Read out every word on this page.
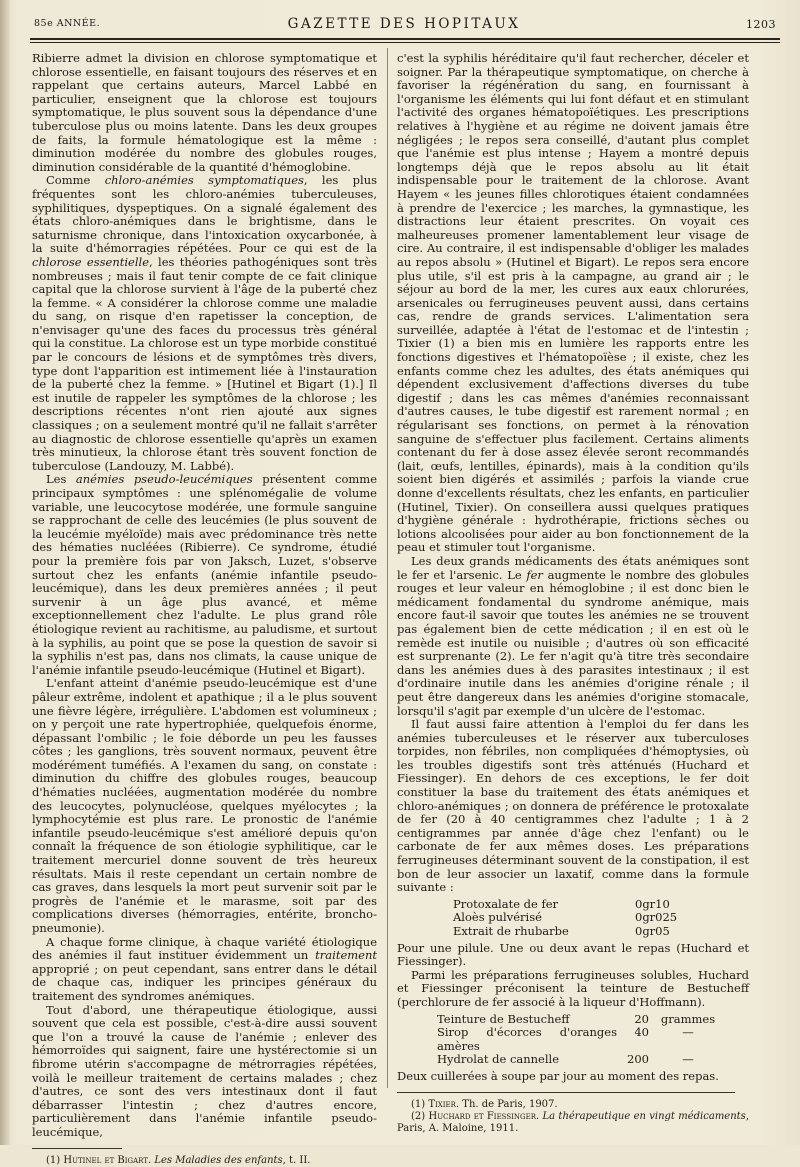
85e ANNÉE.	GAZETTE DES HOPITAUX	1203

Ribierre admet la division en chlorose symptomatique et chlorose essentielle, en faisant toujours des réserves et en rappelant que certains auteurs, Marcel Labbé en particulier, enseignent que la chlorose est toujours symptomatique, le plus souvent sous la dépendance d'une tuberculose plus ou moins latente. Dans les deux groupes de faits, la formule hématologique est la même : diminution modérée du nombre des globules rouges, diminution considérable de la quantité d'hémoglobine.

Comme chloro-anémies symptomatiques, les plus fréquentes sont les chloro-anémies tuberculeuses, syphilitiques, dyspeptiques. On a signalé également des états chloro-anémiques dans le brightisme, dans le saturnisme chronique, dans l'intoxication oxycarbonée, à la suite d'hémorragies répétées. Pour ce qui est de la chlorose essentielle, les théories pathogéniques sont très nombreuses ; mais il faut tenir compte de ce fait clinique capital que la chlorose survient à l'âge de la puberté chez la femme. « A considérer la chlorose comme une maladie du sang, on risque d'en rapetisser la conception, de n'envisager qu'une des faces du processus très général qui la constitue. La chlorose est un type morbide constitué par le concours de lésions et de symptômes très divers, type dont l'apparition est intimement liée à l'instauration de la puberté chez la femme. » [Hutinel et Bigart (1).] Il est inutile de rappeler les symptômes de la chlorose ; les descriptions récentes n'ont rien ajouté aux signes classiques ; on a seulement montré qu'il ne fallait s'arrêter au diagnostic de chlorose essentielle qu'après un examen très minutieux, la chlorose étant très souvent fonction de tuberculose (Landouzy, M. Labbé).

Les anémies pseudo-leucémiques présentent comme principaux symptômes : une splénomégalie de volume variable, une leucocytose modérée, une formule sanguine se rapprochant de celle des leucémies (le plus souvent de la leucémie myéloïde) mais avec prédominance très nette des hématies nucléées (Ribierre). Ce syndrome, étudié pour la première fois par von Jaksch, Luzet, s'observe surtout chez les enfants (anémie infantile pseudo-leucémique), dans les deux premières années ; il peut survenir à un âge plus avancé, et même exceptionnellement chez l'adulte. Le plus grand rôle étiologique revient au rachitisme, au paludisme, et surtout à la syphilis, au point que se pose la question de savoir si la syphilis n'est pas, dans nos climats, la cause unique de l'anémie infantile pseudo-leucémique (Hutinel et Bigart).

L'enfant atteint d'anémie pseudo-leucémique est d'une pâleur extrême, indolent et apathique ; il a le plus souvent une fièvre légère, irrégulière. L'abdomen est volumineux ; on y perçoit une rate hypertrophiée, quelquefois énorme, dépassant l'ombilic ; le foie déborde un peu les fausses côtes ; les ganglions, très souvent normaux, peuvent être modérément tuméfiés. A l'examen du sang, on constate : diminution du chiffre des globules rouges, beaucoup d'hématies nucléées, augmentation modérée du nombre des leucocytes, polynucléose, quelques myélocytes ; la lymphocytémie est plus rare. Le pronostic de l'anémie infantile pseudo-leucémique s'est amélioré depuis qu'on connaît la fréquence de son étiologie syphilitique, car le traitement mercuriel donne souvent de très heureux résultats. Mais il reste cependant un certain nombre de cas graves, dans lesquels la mort peut survenir soit par le progrès de l'anémie et le marasme, soit par des complications diverses (hémorragies, entérite, broncho-pneumonie).

A chaque forme clinique, à chaque variété étiologique des anémies il faut instituer évidemment un traitement approprié ; on peut cependant, sans entrer dans le détail de chaque cas, indiquer les principes généraux du traitement des syndromes anémiques.

Tout d'abord, une thérapeutique étiologique, aussi souvent que cela est possible, c'est-à-dire aussi souvent que l'on a trouvé la cause de l'anémie ; enlever des hémorroïdes qui saignent, faire une hystérectomie si un fibrome utérin s'accompagne de métrorragies répétées, voilà le meilleur traitement de certains malades ; chez d'autres, ce sont des vers intestinaux dont il faut débarrasser l'intestin ; chez d'autres encore, particulièrement dans l'anémie infantile pseudo-leucémique,

(1) Hutinel et Bigart. Les Maladies des enfants, t. II.

c'est la syphilis héréditaire qu'il faut rechercher, déceler et soigner. Par la thérapeutique symptomatique, on cherche à favoriser la régénération du sang, en fournissant à l'organisme les éléments qui lui font défaut et en stimulant l'activité des organes hématopoïétiques. Les prescriptions relatives à l'hygiène et au régime ne doivent jamais être négligées ; le repos sera conseillé, d'autant plus complet que l'anémie est plus intense ; Hayem a montré depuis longtemps déjà que le repos absolu au lit était indispensable pour le traitement de la chlorose. Avant Hayem « les jeunes filles chlorotiques étaient condamnées à prendre de l'exercice ; les marches, la gymnastique, les distractions leur étaient prescrites. On voyait ces malheureuses promener lamentablement leur visage de cire. Au contraire, il est indispensable d'obliger les malades au repos absolu » (Hutinel et Bigart). Le repos sera encore plus utile, s'il est pris à la campagne, au grand air ; le séjour au bord de la mer, les cures aux eaux chlorurées, arsenicales ou ferrugineuses peuvent aussi, dans certains cas, rendre de grands services. L'alimentation sera surveillée, adaptée à l'état de l'estomac et de l'intestin ; Tixier (1) a bien mis en lumière les rapports entre les fonctions digestives et l'hématopoïèse ; il existe, chez les enfants comme chez les adultes, des états anémiques qui dépendent exclusivement d'affections diverses du tube digestif ; dans les cas mêmes d'anémies reconnaissant d'autres causes, le tube digestif est rarement normal ; en régularisant ses fonctions, on permet à la rénovation sanguine de s'effectuer plus facilement. Certains aliments contenant du fer à dose assez élevée seront recommandés (lait, œufs, lentilles, épinards), mais à la condition qu'ils soient bien digérés et assimilés ; parfois la viande crue donne d'excellents résultats, chez les enfants, en particulier (Hutinel, Tixier). On conseillera aussi quelques pratiques d'hygiène générale : hydrothérapie, frictions sèches ou lotions alcoolisées pour aider au bon fonctionnement de la peau et stimuler tout l'organisme.

Les deux grands médicaments des états anémiques sont le fer et l'arsenic. Le fer augmente le nombre des globules rouges et leur valeur en hémoglobine ; il est donc bien le médicament fondamental du syndrome anémique, mais encore faut-il savoir que toutes les anémies ne se trouvent pas également bien de cette médication ; il en est où le remède est inutile ou nuisible ; d'autres où son efficacité est surprenante (2). Le fer n'agit qu'à titre très secondaire dans les anémies dues à des parasites intestinaux ; il est d'ordinaire inutile dans les anémies d'origine rénale ; il peut être dangereux dans les anémies d'origine stomacale, lorsqu'il s'agit par exemple d'un ulcère de l'estomac.

Il faut aussi faire attention à l'emploi du fer dans les anémies tuberculeuses et le réserver aux tuberculoses torpides, non fébriles, non compliquées d'hémoptysies, où les troubles digestifs sont très atténués (Huchard et Fiessinger). En dehors de ces exceptions, le fer doit constituer la base du traitement des états anémiques et chloro-anémiques ; on donnera de préférence le protoxalate de fer (20 à 40 centigrammes chez l'adulte ; 1 à 2 centigrammes par année d'âge chez l'enfant) ou le carbonate de fer aux mêmes doses. Les préparations ferrugineuses déterminant souvent de la constipation, il est bon de leur associer un laxatif, comme dans la formule suivante :

Protoxalate de fer	0gr10
Aloès pulvérisé	0gr025
Extrait de rhubarbe	0gr05

Pour une pilule. Une ou deux avant le repas (Huchard et Fiessinger).

Parmi les préparations ferrugineuses solubles, Huchard et Fiessinger préconisent la teinture de Bestucheff (perchlorure de fer associé à la liqueur d'Hoffmann).

Teinture de Bestucheff	20	grammes
Sirop d'écorces d'oranges amères
40	—
Hydrolat de cannelle	200	—

Deux cuillerées à soupe par jour au moment des repas.

(1) Tixier. Th. de Paris, 1907.

(2) Huchard et Fiessinger. La thérapeutique en vingt médicaments, Paris, A. Maloine, 1911.
